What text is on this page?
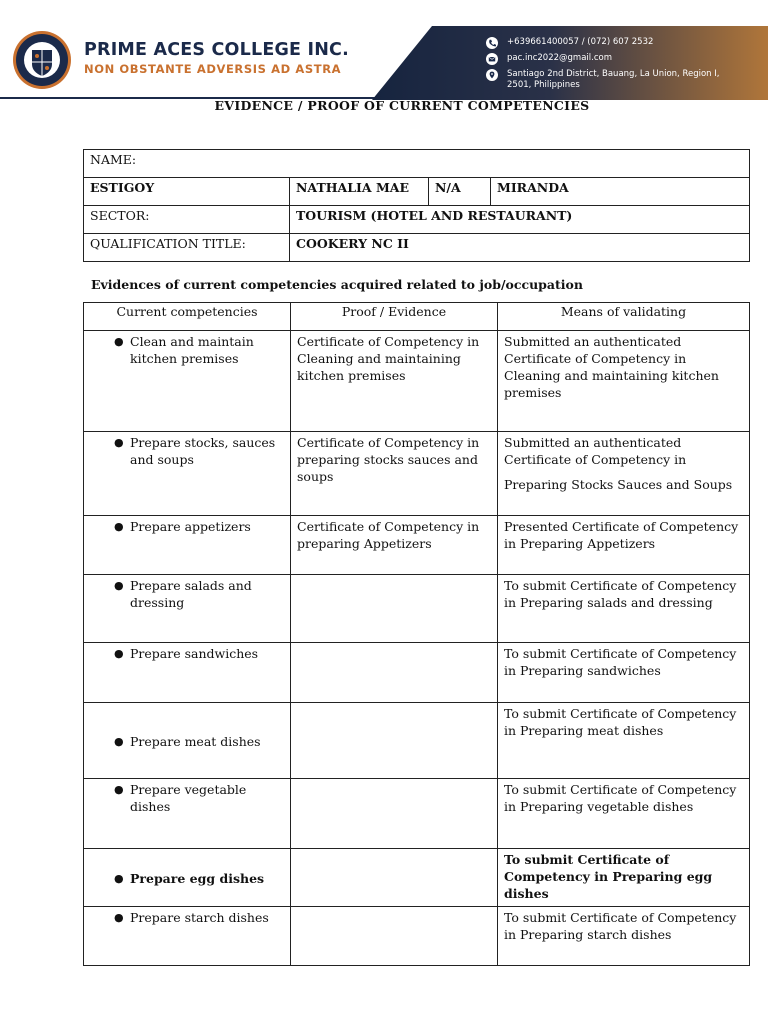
PRIME ACES COLLEGE INC.
NON OBSTANTE ADVERSIS AD ASTRA
+639661400057 / (072) 607 2532
pac.inc2022@gmail.com
Santiago 2nd District, Bauang, La Union, Region I, 2501, Philippines
EVIDENCE / PROOF OF CURRENT COMPETENCIES
NAME:			
ESTIGOY	NATHALIA MAE	N/A	MIRANDA
SECTOR:	TOURISM (HOTEL AND RESTAURANT)		
QUALIFICATION TITLE:	COOKERY NC II		
Evidences of current competencies acquired related to job/occupation
Current competencies	Proof / Evidence	Means of validating

● Clean and maintain kitchen premises	Certificate of Competency in Cleaning and maintaining kitchen premises	Submitted an authenticated Certificate of Competency in Cleaning and maintaining kitchen premises

● Prepare stocks, sauces and soups	Certificate of Competency in preparing stocks sauces and soups	Submitted an authenticated Certificate of Competency in
Preparing Stocks Sauces and Soups

● Prepare appetizers	Certificate of Competency in preparing Appetizers	Presented Certificate of Competency in Preparing Appetizers

● Prepare salads and dressing		To submit Certificate of Competency in Preparing salads and dressing

● Prepare sandwiches		To submit Certificate of Competency in Preparing sandwiches

● Prepare meat dishes		To submit Certificate of Competency in Preparing meat dishes

● Prepare vegetable dishes		To submit Certificate of Competency in Preparing vegetable dishes

● Prepare egg dishes		To submit Certificate of Competency in Preparing egg dishes

● Prepare starch dishes		To submit Certificate of Competency in Preparing starch dishes
